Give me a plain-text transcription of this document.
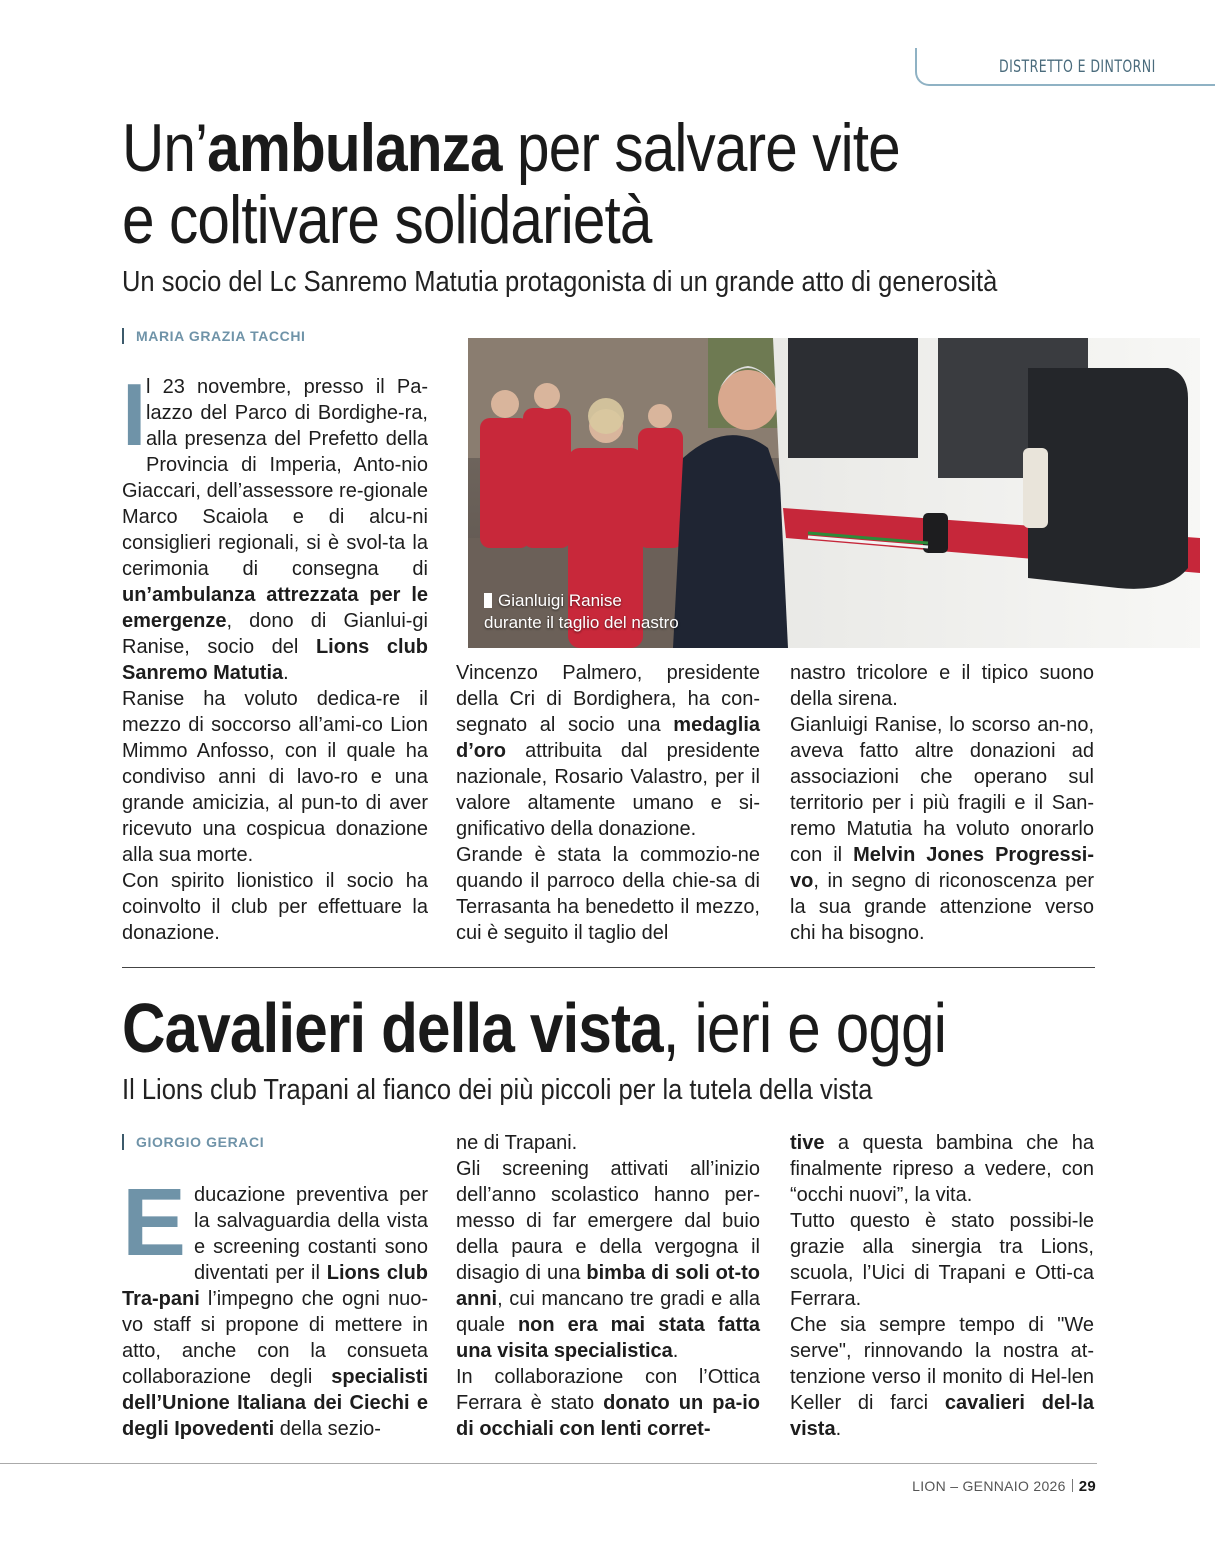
DISTRETTO E DINTORNI
Un’ambulanza per salvare vite
e coltivare solidarietà
Un socio del Lc Sanremo Matutia protagonista di un grande atto di generosità
MARIA GRAZIA TACCHI

Il 23 novembre, presso il Pa-lazzo del Parco di Bordighe-ra, alla presenza del Prefetto della Provincia di Imperia, Anto-nio Giaccari, dell’assessore re-gionale Marco Scaiola e di alcu-ni consiglieri regionali, si è svol-ta la cerimonia di consegna di un’ambulanza attrezzata per le emergenze, dono di Gianlui-gi Ranise, socio del Lions club Sanremo Matutia.

Ranise ha voluto dedica-re il mezzo di soccorso all’ami-co Lion Mimmo Anfosso, con il quale ha condiviso anni di lavo-ro e una grande amicizia, al pun-to di aver ricevuto una cospicua donazione alla sua morte.

Con spirito lionistico il socio ha coinvolto il club per effettuare la donazione.

Gianluigi Ranise
durante il taglio del nastro

Vincenzo Palmero, presidente della Cri di Bordighera, ha con-segnato al socio una medaglia d’oro attribuita dal presidente nazionale, Rosario Valastro, per il valore altamente umano e si-gnificativo della donazione.

Grande è stata la commozio-ne quando il parroco della chie-sa di Terrasanta ha benedetto il mezzo, cui è seguito il taglio del

nastro tricolore e il tipico suono della sirena.

Gianluigi Ranise, lo scorso an-no, aveva fatto altre donazioni ad associazioni che operano sul territorio per i più fragili e il San-remo Matutia ha voluto onorarlo con il Melvin Jones Progressi-vo, in segno di riconoscenza per la sua grande attenzione verso chi ha bisogno.

Cavalieri della vista, ieri e oggi
Il Lions club Trapani al fianco dei più piccoli per la tutela della vista
GIORGIO GERACI

Educazione preventiva per la salvaguardia della vista e screening costanti sono diventati per il Lions club Tra-pani l’impegno che ogni nuo-vo staff si propone di mettere in atto, anche con la consueta collaborazione degli specialisti dell’Unione Italiana dei Ciechi e degli Ipovedenti della sezio-

ne di Trapani.

Gli screening attivati all’inizio dell’anno scolastico hanno per-messo di far emergere dal buio della paura e della vergogna il disagio di una bimba di soli ot-to anni, cui mancano tre gradi e alla quale non era mai stata fatta una visita specialistica.

In collaborazione con l’Ottica Ferrara è stato donato un pa-io di occhiali con lenti corret-

tive a questa bambina che ha finalmente ripreso a vedere, con “occhi nuovi”, la vita.

Tutto questo è stato possibi-le grazie alla sinergia tra Lions, scuola, l’Uici di Trapani e Otti-ca Ferrara.

Che sia sempre tempo di "We serve", rinnovando la nostra at-tenzione verso il monito di Hel-len Keller di farci cavalieri del-la vista.

LION – GENNAIO 2026 29
